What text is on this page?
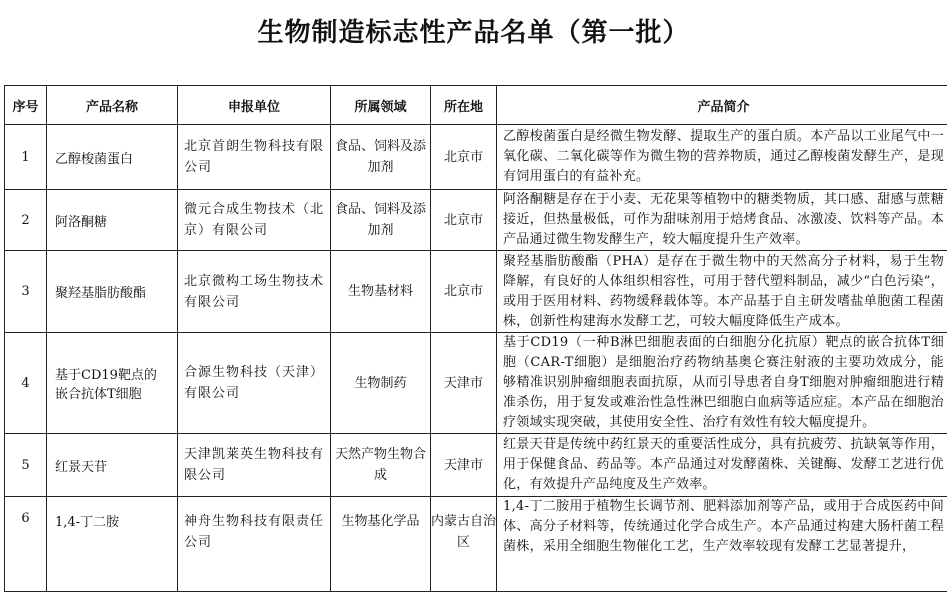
生物制造标志性产品名单（第一批）
序号	产品名称	申报单位	所属领域	所在地	产品简介
1	乙醇梭菌蛋白	北京首朗生物科技有限公司	食品、饲料及添加剂	北京市	乙醇梭菌蛋白是经微生物发酵、提取生产的蛋白质。本产品以工业尾气中一氧化碳、二氧化碳等作为微生物的营养物质，通过乙醇梭菌发酵生产，是现有饲用蛋白的有益补充。
2	阿洛酮糖	微元合成生物技术（北京）有限公司	食品、饲料及添加剂	北京市	阿洛酮糖是存在于小麦、无花果等植物中的糖类物质，其口感、甜感与蔗糖接近，但热量极低，可作为甜味剂用于焙烤食品、冰激凌、饮料等产品。本产品通过微生物发酵生产，较大幅度提升生产效率。
3	聚羟基脂肪酸酯	北京微构工场生物技术有限公司	生物基材料	北京市	聚羟基脂肪酸酯（PHA）是存在于微生物中的天然高分子材料，易于生物降解，有良好的人体组织相容性，可用于替代塑料制品，减少“白色污染”，或用于医用材料、药物缓释载体等。本产品基于自主研发嗜盐单胞菌工程菌株，创新性构建海水发酵工艺，可较大幅度降低生产成本。
4	基于CD19靶点的嵌合抗体T细胞	合源生物科技（天津）有限公司	生物制药	天津市	基于CD19（一种B淋巴细胞表面的白细胞分化抗原）靶点的嵌合抗体T细胞（CAR-T细胞）是细胞治疗药物纳基奥仑赛注射液的主要功效成分，能够精准识别肿瘤细胞表面抗原，从而引导患者自身T细胞对肿瘤细胞进行精准杀伤，用于复发或难治性急性淋巴细胞白血病等适应症。本产品在细胞治疗领域实现突破，其使用安全性、治疗有效性有较大幅度提升。
5	红景天苷	天津凯莱英生物科技有限公司	天然产物生物合成	天津市	红景天苷是传统中药红景天的重要活性成分，具有抗疲劳、抗缺氧等作用，用于保健食品、药品等。本产品通过对发酵菌株、关键酶、发酵工艺进行优化，有效提升产品纯度及生产效率。
6	1,4-丁二胺	神舟生物科技有限责任公司	生物基化学品	内蒙古自治区	1,4-丁二胺用于植物生长调节剂、肥料添加剂等产品，或用于合成医药中间体、高分子材料等，传统通过化学合成生产。本产品通过构建大肠杆菌工程菌株，采用全细胞生物催化工艺，生产效率较现有发酵工艺显著提升，
